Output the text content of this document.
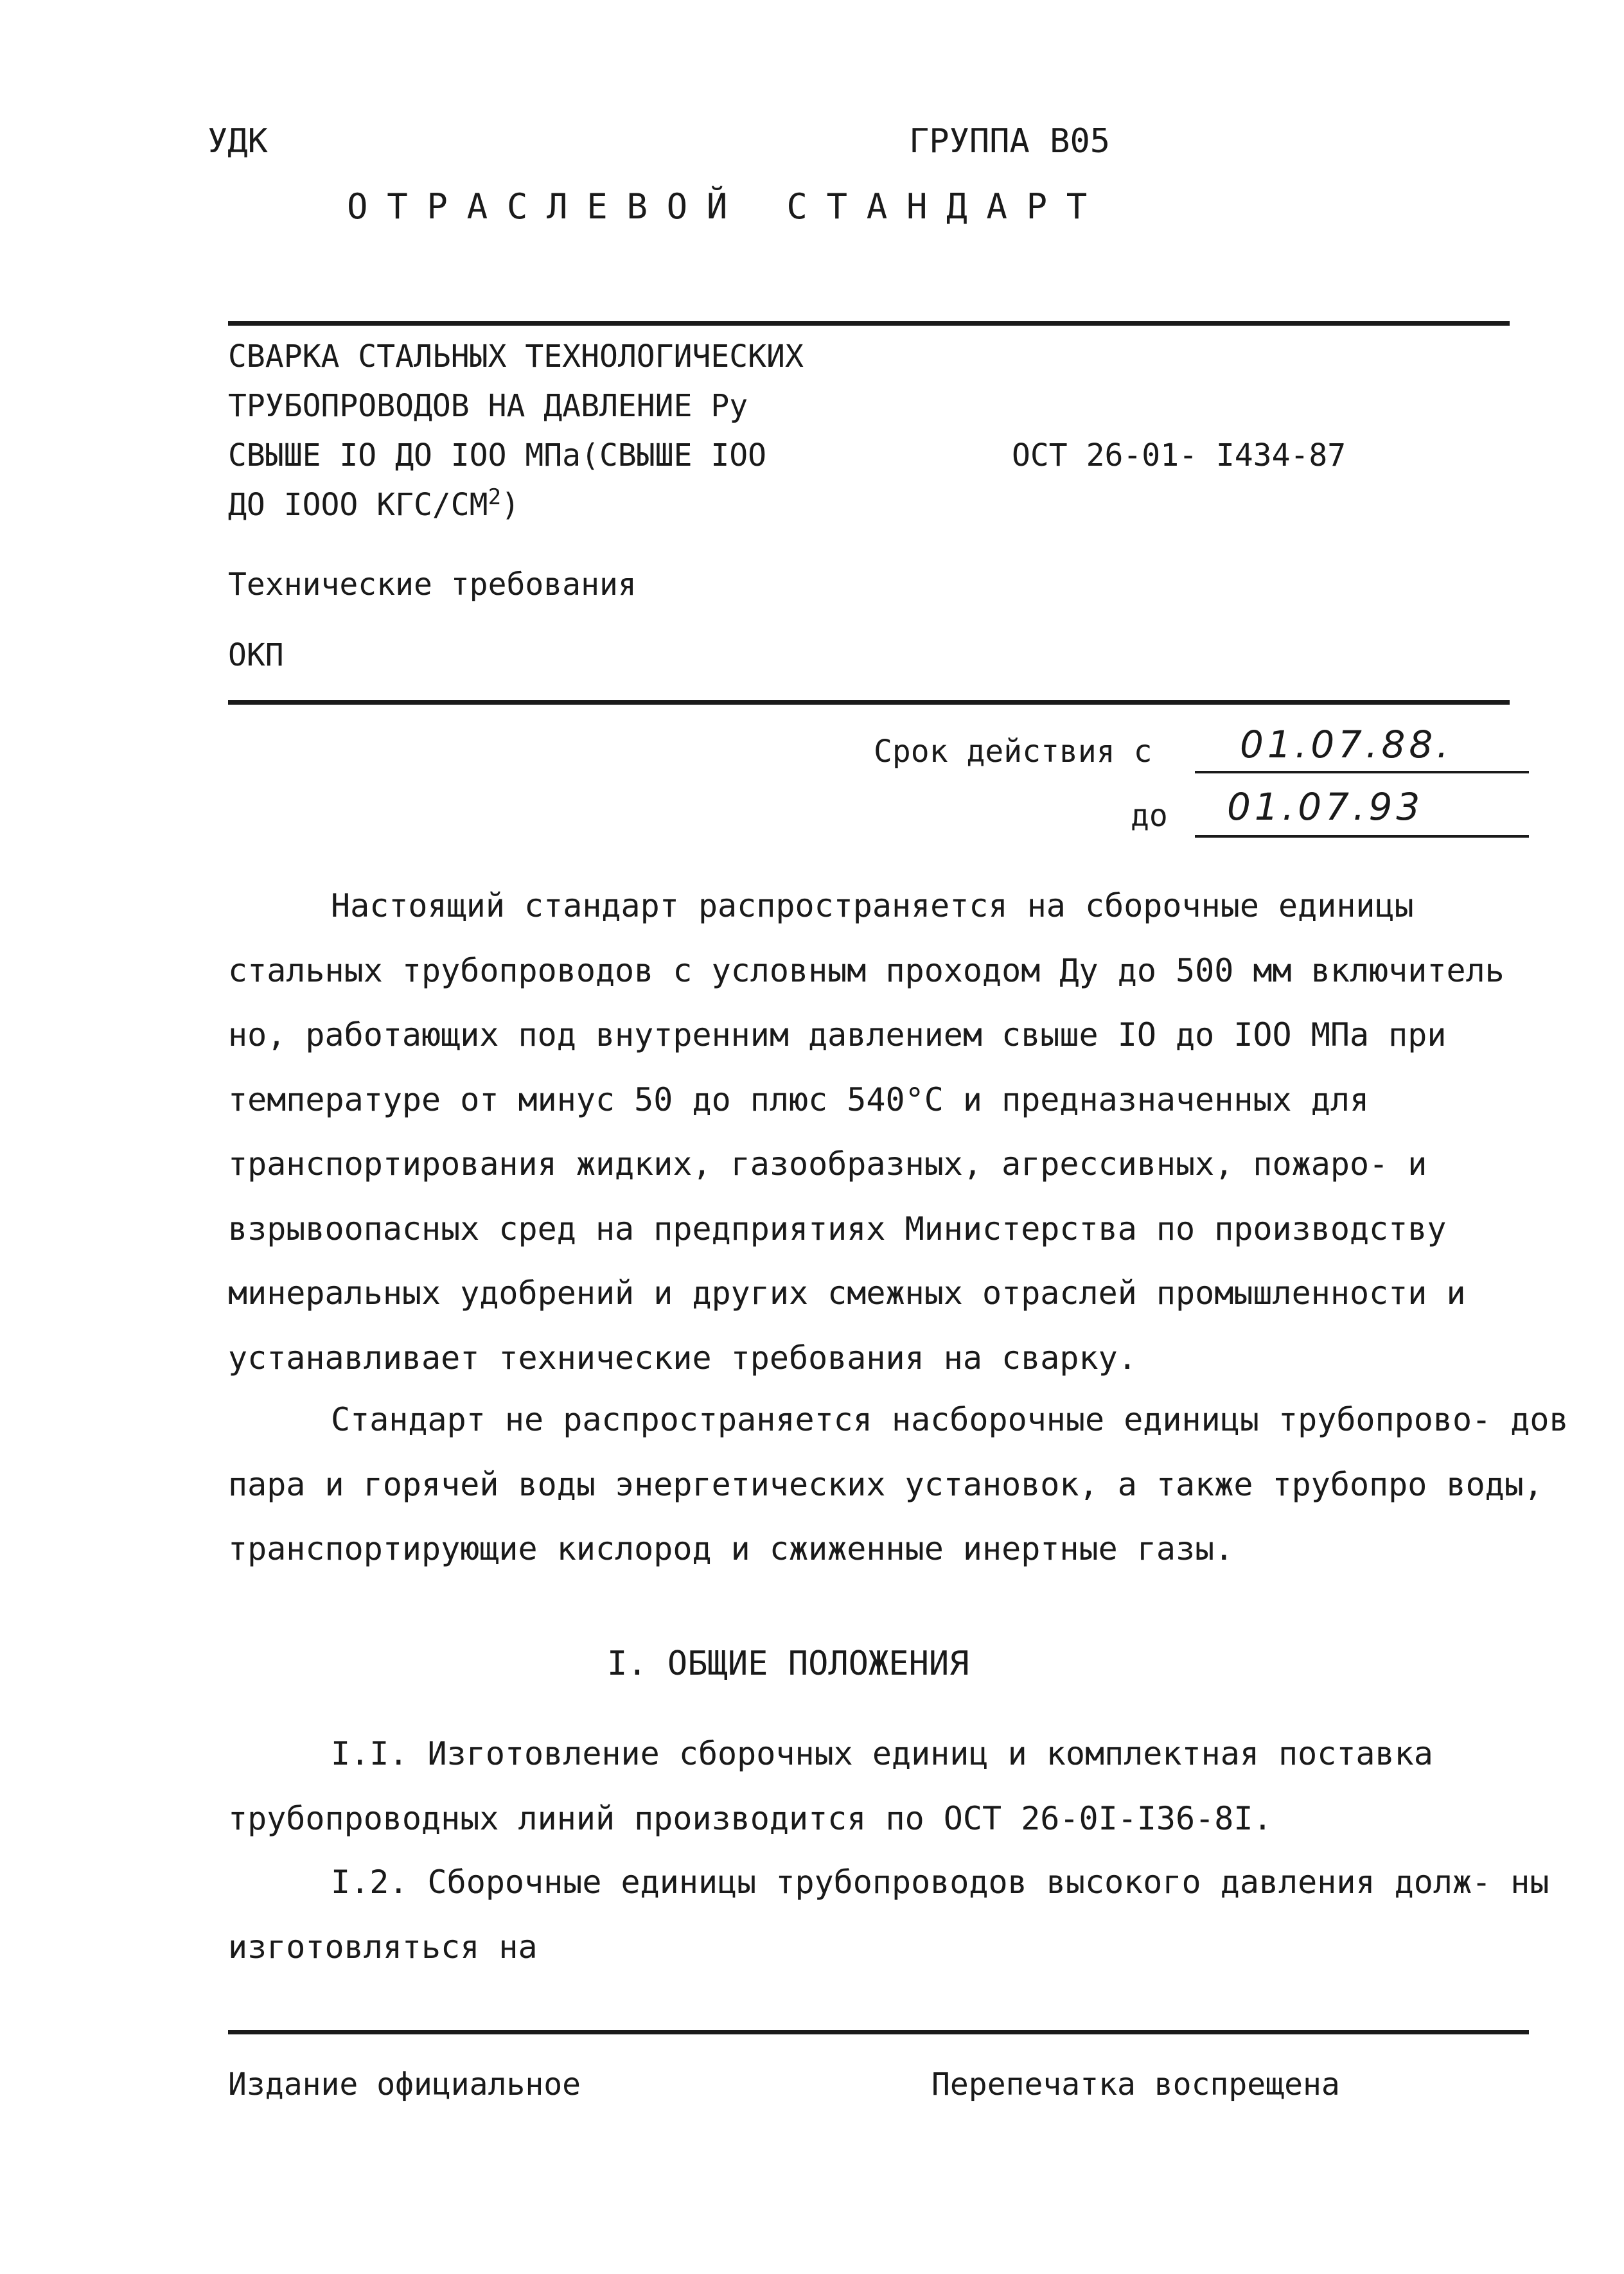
УДК	ГРУППА В05
ОТРАСЛЕВОЙ СТАНДАРТ
СВАРКА СТАЛЬНЫХ ТЕХНОЛОГИЧЕСКИХ
ТРУБОПРОВОДОВ НА ДАВЛЕНИЕ Ру
СВЫШЕ IO ДО IOO МПа(СВЫШЕ IOO
ДО IOOO КГС/$СМ^2$)
ОСТ 26-01- I434-87
Технические требования
ОКП
Срок действия с 01.07.88.
до 01.07.93
Настоящий стандарт распространяется на сборочные единицы стальных трубопроводов с условным проходом Ду до 500 мм включитель но, работающих под внутренним давлением свыше IO до IOO МПа при температуре от минус 50 до плюс 540°С и предназначенных для транспортирования жидких, газообразных, агрессивных, пожаро- и взрывоопасных сред на предприятиях Министерства по производству минеральных удобрений и других смежных отраслей промышленности и устанавливает технические требования на сварку.
Стандарт не распространяется насборочные единицы трубопрово- дов пара и горячей воды энергетических установок, а также трубопро воды, транспортирующие кислород и сжиженные инертные газы.
I. ОБЩИЕ ПОЛОЖЕНИЯ
I.I. Изготовление сборочных единиц и комплектная поставка трубопроводных линий производится по ОСТ 26-0I-I36-8I.
I.2. Сборочные единицы трубопроводов высокого давления долж- ны изготовляться на
Издание официальное	Перепечатка воспрещена
